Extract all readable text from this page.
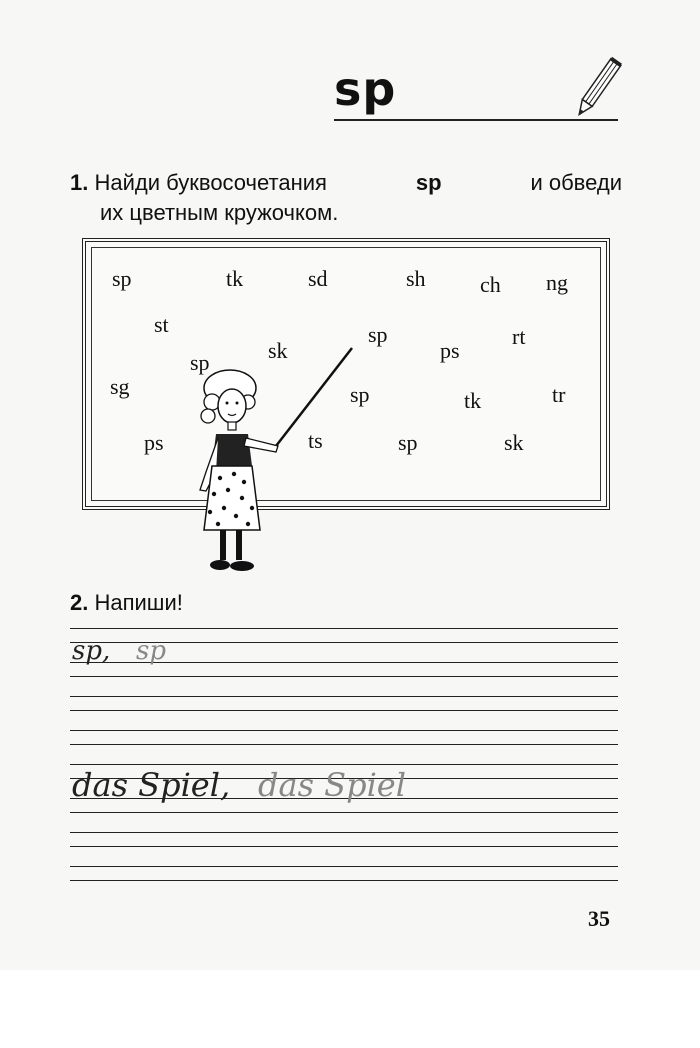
sp
1. Найди буквосочетания	sp	и обведи
их цветным кружочком.
sp	tk	sd	sh ch ng
st	sp
sk
sp	ps
rt
sg	sp	tk	tr
ps	ts	sp	sk
2. Напиши!
sp, sp
das Spiel, das Spiel
35
